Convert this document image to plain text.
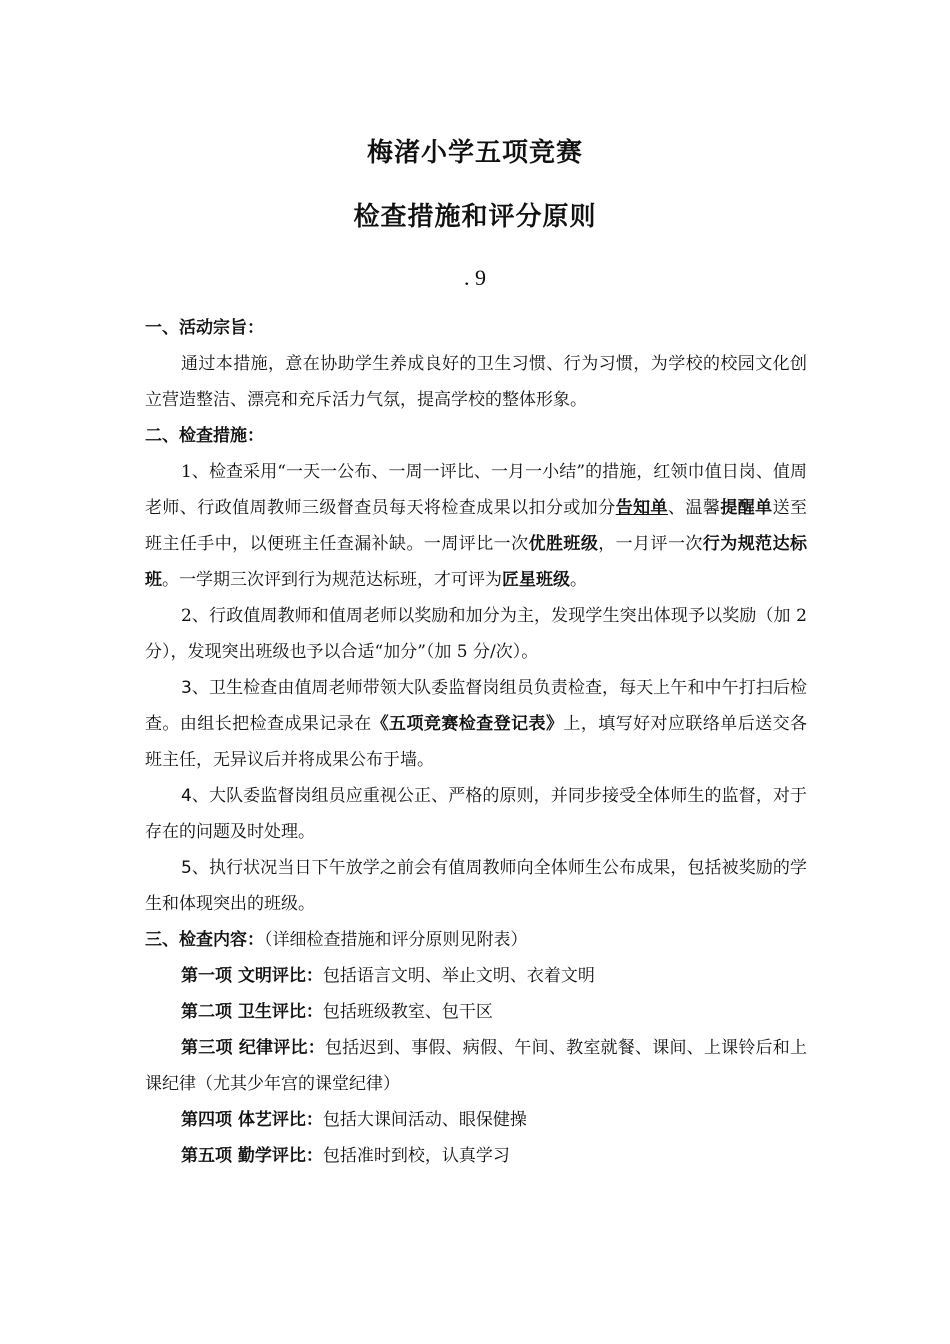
梅渚小学五项竞赛
检查措施和评分原则
. 9

一、活动宗旨：

通过本措施，意在协助学生养成良好的卫生习惯、行为习惯，为学校的校园文化创立营造整洁、漂亮和充斥活力气氛，提高学校的整体形象。

二、检查措施：

1、检查采用“一天一公布、一周一评比、一月一小结”的措施，红领巾值日岗、值周老师、行政值周教师三级督查员每天将检查成果以扣分或加分告知单、温馨提醒单送至班主任手中，以便班主任查漏补缺。一周评比一次优胜班级，一月评一次行为规范达标班。一学期三次评到行为规范达标班，才可评为匠星班级。

2、行政值周教师和值周老师以奖励和加分为主，发现学生突出体现予以奖励（加 2 分），发现突出班级也予以合适“加分”（加 5 分/次）。

3、卫生检查由值周老师带领大队委监督岗组员负责检查，每天上午和中午打扫后检查。由组长把检查成果记录在《五项竞赛检查登记表》上，填写好对应联络单后送交各班主任，无异议后并将成果公布于墙。

4、大队委监督岗组员应重视公正、严格的原则，并同步接受全体师生的监督，对于存在的问题及时处理。

5、执行状况当日下午放学之前会有值周教师向全体师生公布成果，包括被奖励的学生和体现突出的班级。

三、检查内容：（详细检查措施和评分原则见附表）

第一项 文明评比：包括语言文明、举止文明、衣着文明

第二项 卫生评比：包括班级教室、包干区

第三项 纪律评比：包括迟到、事假、病假、午间、教室就餐、课间、上课铃后和上课纪律（尤其少年宫的课堂纪律）

第四项 体艺评比：包括大课间活动、眼保健操

第五项 勤学评比：包括准时到校，认真学习
